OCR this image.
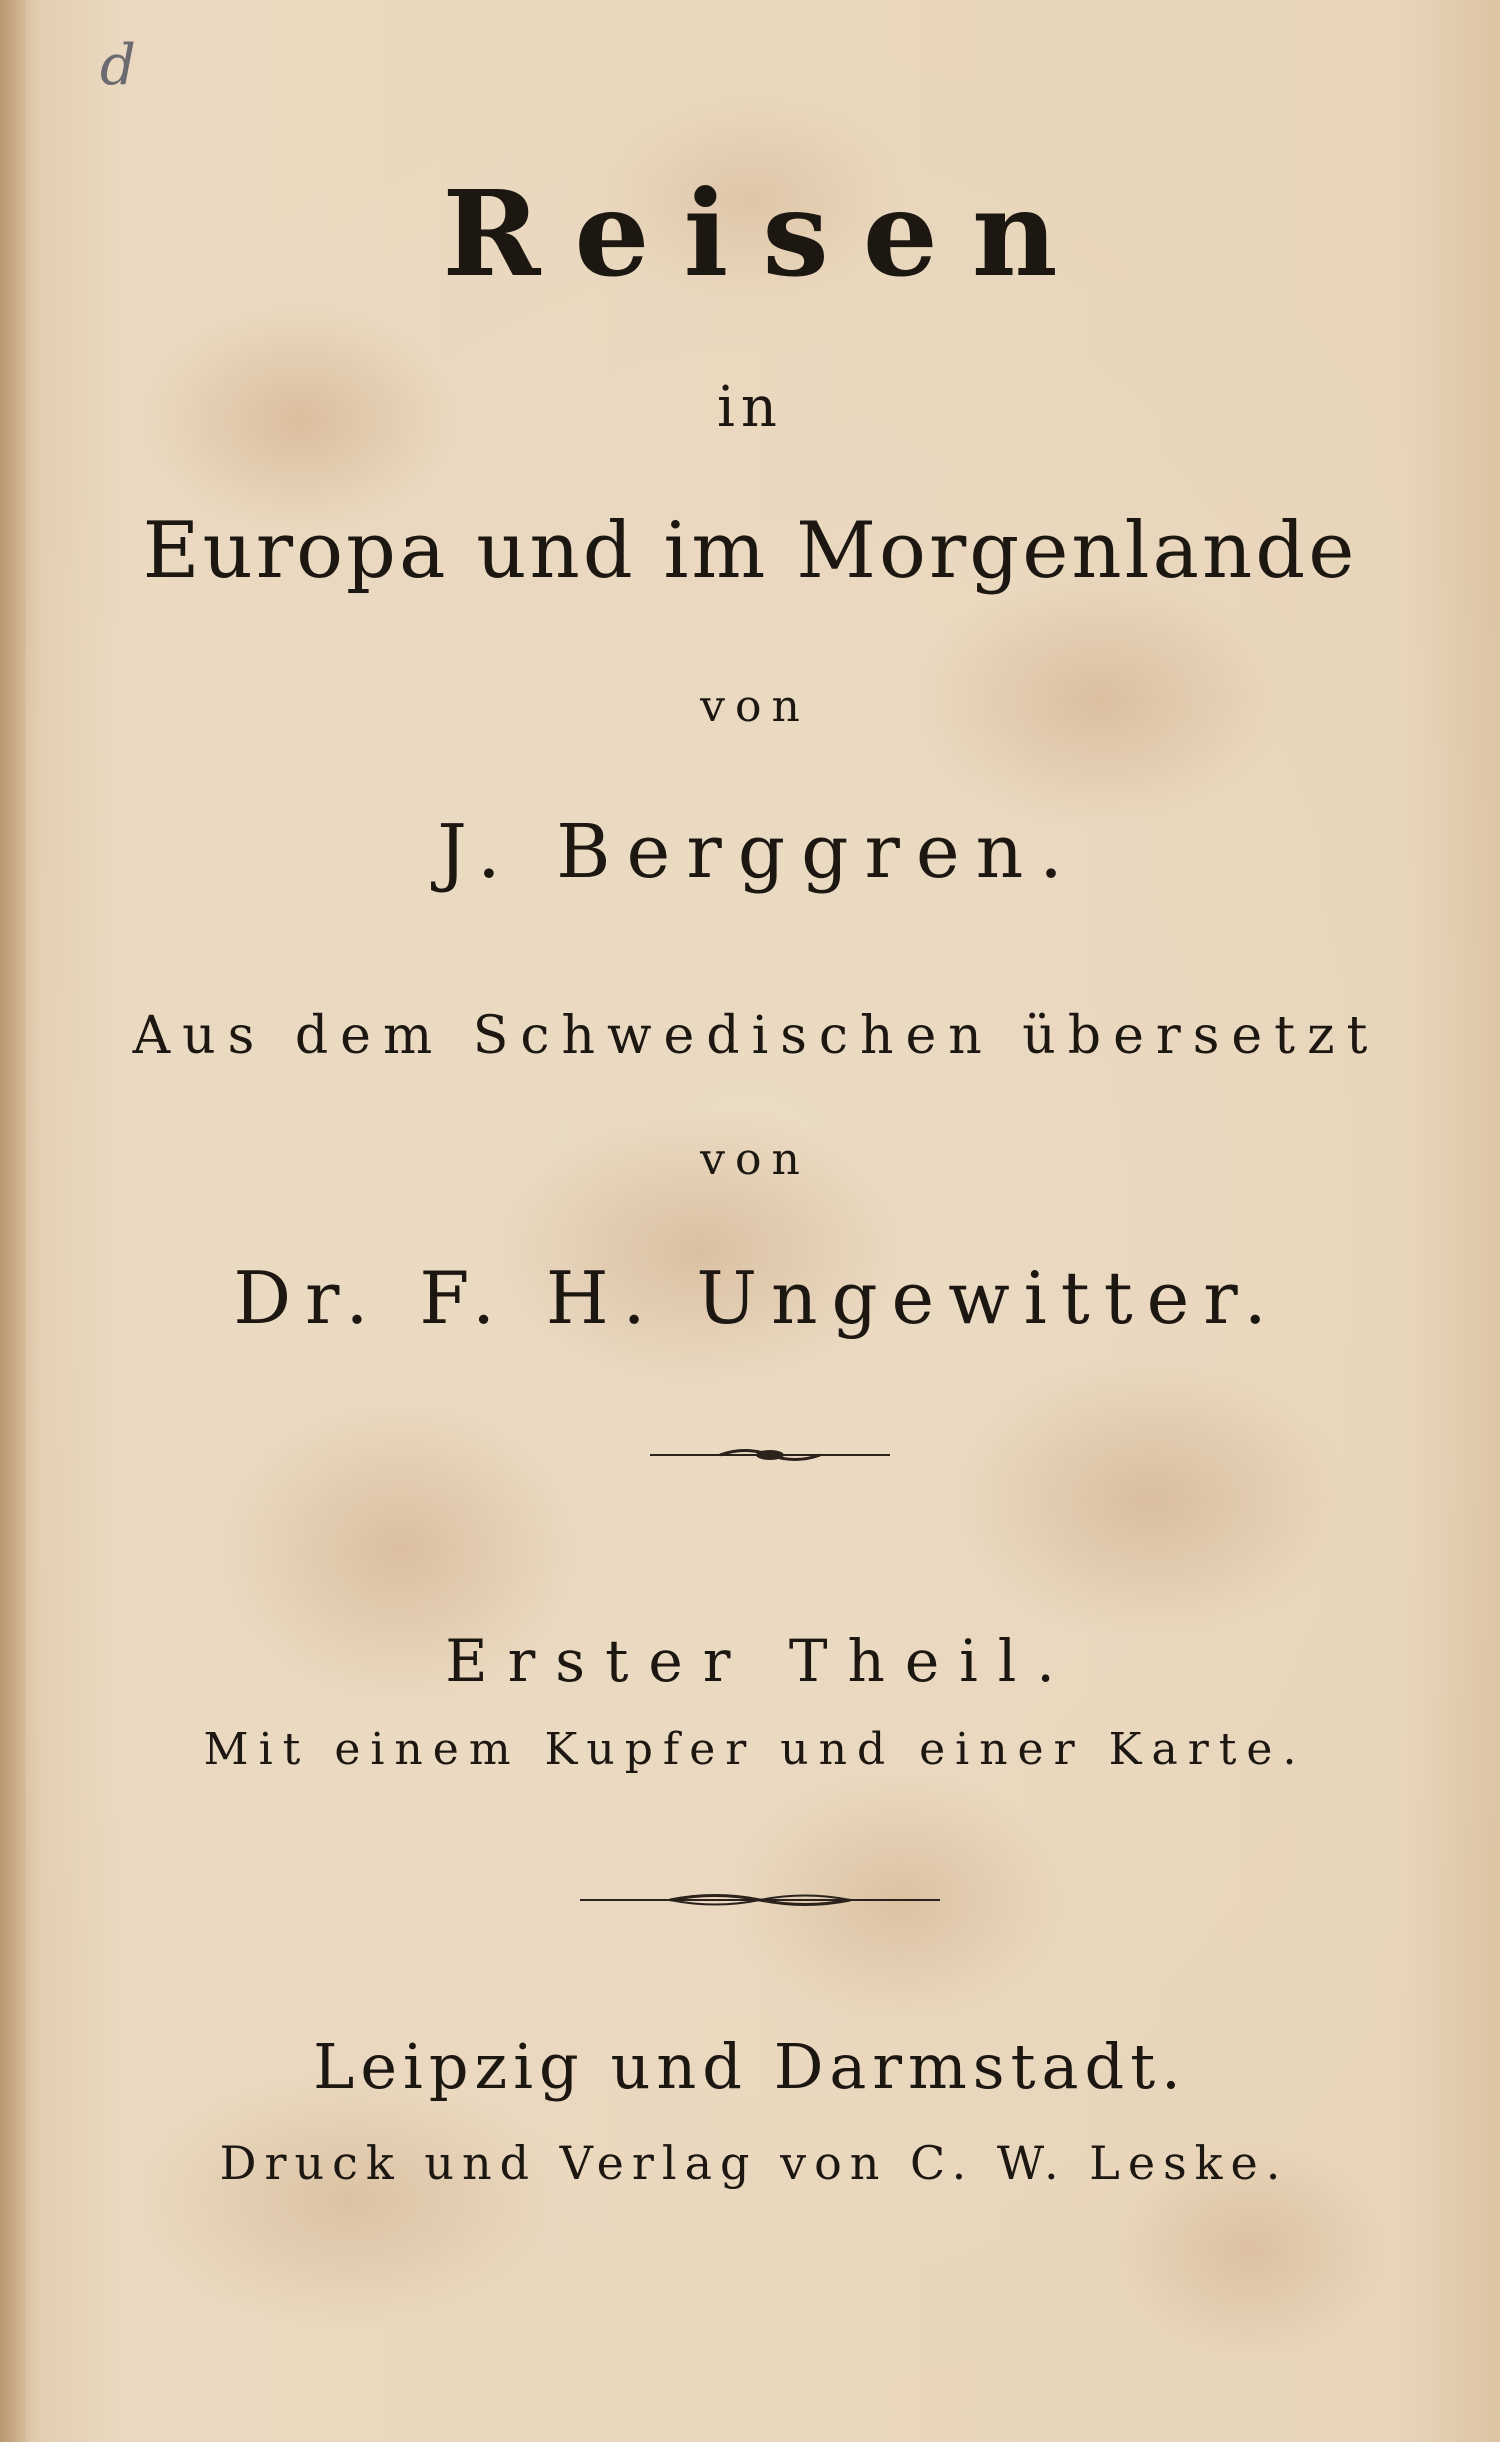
d
Reisen
in
Europa und im Morgenlande
von
J. Berggren.
Aus dem Schwedischen übersetzt
von
Dr. F. H. Ungewitter.
Erster Theil.
Mit einem Kupfer und einer Karte.
Leipzig und Darmstadt.
Druck und Verlag von C. W. Leske.
